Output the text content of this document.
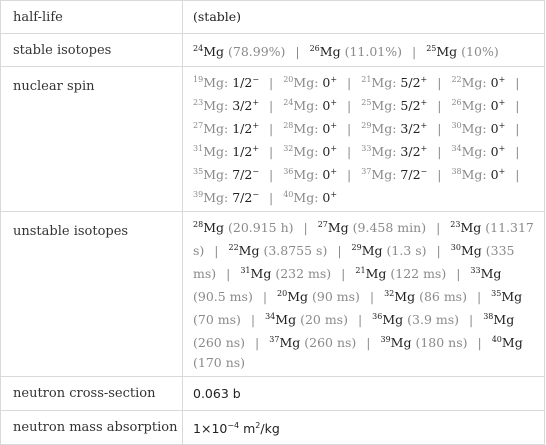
half-life	(stable)
stable isotopes	$^{24}$Mg (78.99%) | $^{26}$Mg (11.01%) | $^{25}$Mg (10%)
nuclear spin	$^{19}$Mg: 1/2− | $^{20}$Mg: 0+ | $^{21}$Mg: 5/2+ | $^{22}$Mg: 0+ | $^{23}$Mg: 3/2+ | $^{24}$Mg: 0+ | $^{25}$Mg: 5/2+ | $^{26}$Mg: 0+ | $^{27}$Mg: 1/2+ | $^{28}$Mg: 0+ | $^{29}$Mg: 3/2+ | $^{30}$Mg: 0+ | $^{31}$Mg: 1/2+ | $^{32}$Mg: 0+ | $^{33}$Mg: 3/2+ | $^{34}$Mg: 0+ | $^{35}$Mg: 7/2− | $^{36}$Mg: 0+ | $^{37}$Mg: 7/2− | $^{38}$Mg: 0+ | $^{39}$Mg: 7/2− | $^{40}$Mg: 0+
unstable isotopes	$^{28}$Mg (20.915 h) | $^{27}$Mg (9.458 min) | $^{23}$Mg (11.317 s) | $^{22}$Mg (3.8755 s) | $^{29}$Mg (1.3 s) | $^{30}$Mg (335 ms) | $^{31}$Mg (232 ms) | $^{21}$Mg (122 ms) | $^{33}$Mg (90.5 ms) | $^{20}$Mg (90 ms) | $^{32}$Mg (86 ms) | $^{35}$Mg (70 ms) | $^{34}$Mg (20 ms) | $^{36}$Mg (3.9 ms) | $^{38}$Mg (260 ns) | $^{37}$Mg (260 ns) | $^{39}$Mg (180 ns) | $^{40}$Mg (170 ns)
neutron cross-section	0.063 b
neutron mass absorption	$1\times 10^{-4}$ $m^2/kg$
